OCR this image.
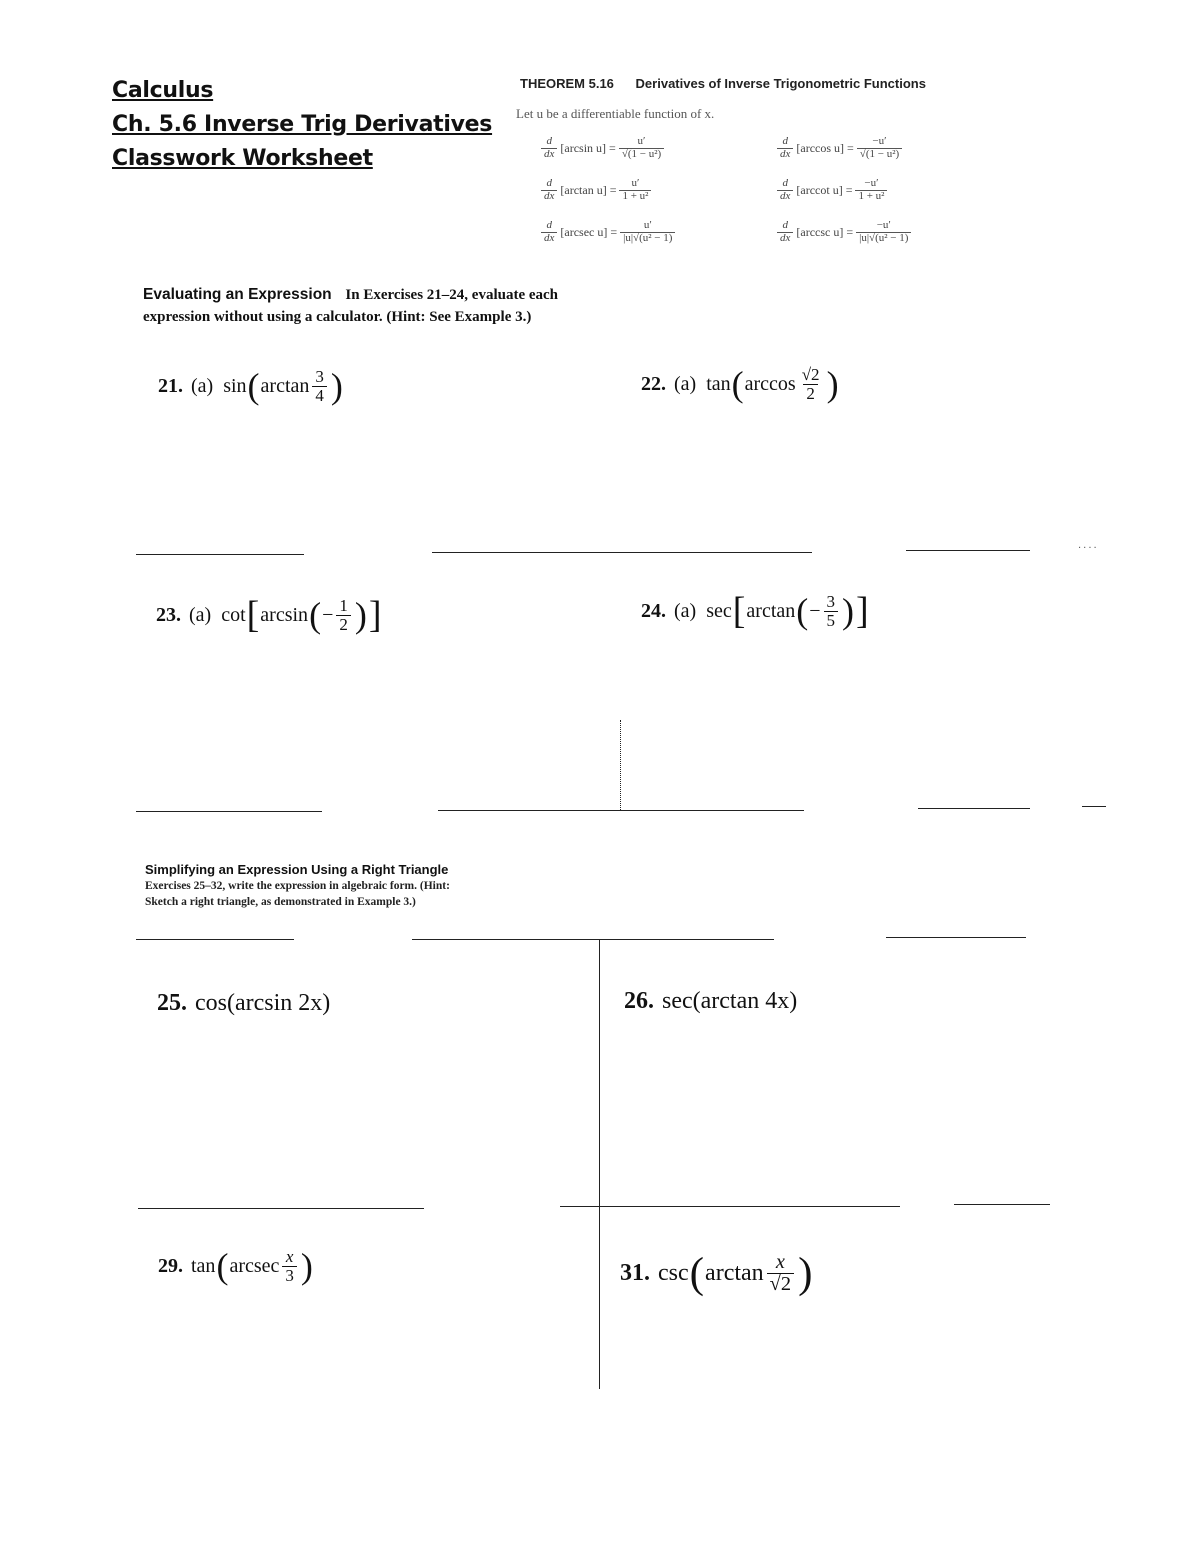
Calculus
Ch. 5.6 Inverse Trig Derivatives
Classwork Worksheet
THEOREM 5.16 Derivatives of Inverse Trigonometric Functions
Let u be a differentiable function of x.
$\frac{d}{dx} [\arcsin$ $u] = \frac{u'}{\text{√(1 − u²)}}$	$\frac{d}{dx} [\arccos$ $u] = \frac{-u'}{\text{√(1 − u²)}}$
$\frac{d}{dx} [\arctan$ $u] = \frac{u'}{\text{1 + u²}}$	$\frac{d}{dx} [arccot$ $u] = \frac{-u'}{\text{1 + u²}}$
$\frac{d}{dx} [arcsec$ $u] = \frac{u'}{\text{|u|√(u² − 1)}}$	$\frac{d}{dx} [arccsc$ $u] = \frac{-u'}{\text{|u|√(u² − 1)}}$
Evaluating an Expression In Exercises 21–24, evaluate each
expression without using a calculator. (Hint: See Example 3.)
21. (a) sin ( $\arctan \frac{3}{4}$ )	22. (a) tan ( $\arccos \frac{√2}{2}$ )
....
23. (a) cot [ arcsin ( − $\frac{1}{2}$ ) ]	24. (a) sec [ arctan ( − $\frac{3}{5}$ ) ]
Simplifying an Expression Using a Right Triangle
Exercises 25–32, write the expression in algebraic form. (Hint:
Sketch a right triangle, as demonstrated in Example 3.)
25. cos(arcsin 2x)	26. sec(arctan 4x)
29. tan ( arcsec $\frac{x}{3}$ )	31. csc ( $\arctan \frac{x}{√2}$ )
